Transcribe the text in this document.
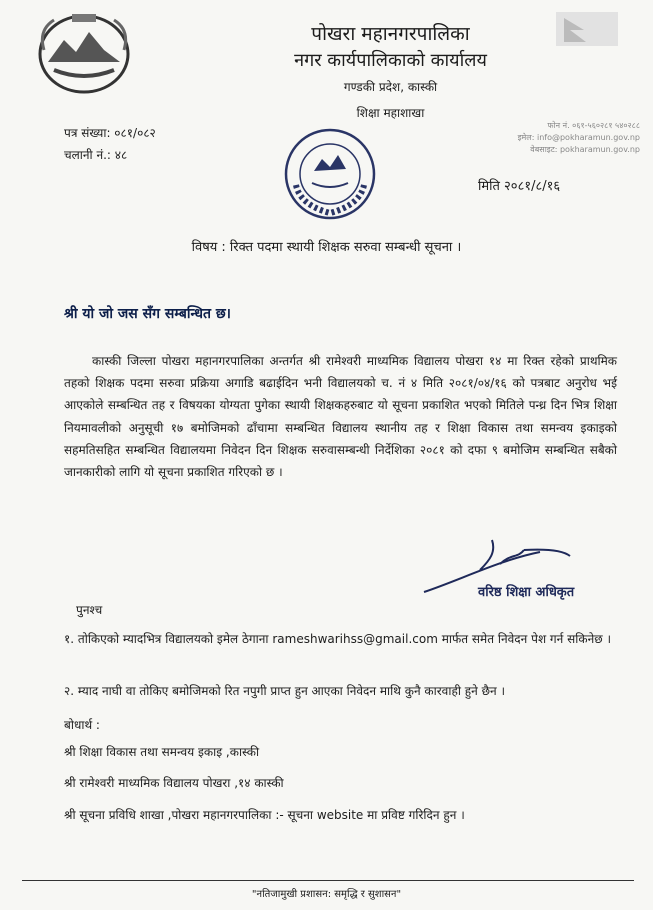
पोखरा महानगरपालिका
नगर कार्यपालिकाको कार्यालय
गण्डकी प्रदेश, कास्की
शिक्षा महाशाखा
फोन नं. ०६१-५६०२८१ ५४०२८८
इमेल: info@pokharamun.gov.np
वेबसाइट: pokharamun.gov.np
पत्र संख्या: ०८१/०८२
चलानी नं.: ४८
मिति २०८१/८/१६
विषय : रिक्त पदमा स्थायी शिक्षक सरुवा सम्बन्धी सूचना ।
श्री यो जो जस सँग सम्बन्धित छ।
कास्की जिल्ला पोखरा महानगरपालिका अन्तर्गत श्री रामेश्वरी माध्यमिक विद्यालय पोखरा १४ मा रिक्त रहेको प्राथमिक तहको शिक्षक पदमा सरुवा प्रक्रिया अगाडि बढाईदिन भनी विद्यालयको च. नं ४ मिति २०८१/०४/१६ को पत्रबाट अनुरोध भई आएकोले सम्बन्धित तह र विषयका योग्यता पुगेका स्थायी शिक्षकहरुबाट यो सूचना प्रकाशित भएको मितिले पन्ध्र दिन भित्र शिक्षा नियमावलीको अनुसूची १७ बमोजिमको ढाँचामा सम्बन्धित विद्यालय स्थानीय तह र शिक्षा विकास तथा समन्वय इकाइको सहमतिसहित सम्बन्धित विद्यालयमा निवेदन दिन शिक्षक सरुवासम्बन्धी निर्देशिका २०८१ को दफा ९ बमोजिम सम्बन्धित सबैको जानकारीको लागि यो सूचना प्रकाशित गरिएको छ ।
वरिष्ठ शिक्षा अधिकृत
पुनश्च
१. तोकिएको म्यादभित्र विद्यालयको इमेल ठेगाना rameshwarihss@gmail.com मार्फत समेत निवेदन पेश गर्न सकिनेछ ।
२. म्याद नाघी वा तोकिए बमोजिमको रित नपुगी प्राप्त हुन आएका निवेदन माथि कुनै कारवाही हुने छैन ।
बोधार्थ :
श्री शिक्षा विकास तथा समन्वय इकाइ ,कास्की
श्री रामेश्वरी माध्यमिक विद्यालय पोखरा ,१४ कास्की
श्री सूचना प्रविधि शाखा ,पोखरा महानगरपालिका :- सूचना website मा प्रविष्ट गरिदिन हुन ।
"नतिजामुखी प्रशासन: समृद्धि र सुशासन"
